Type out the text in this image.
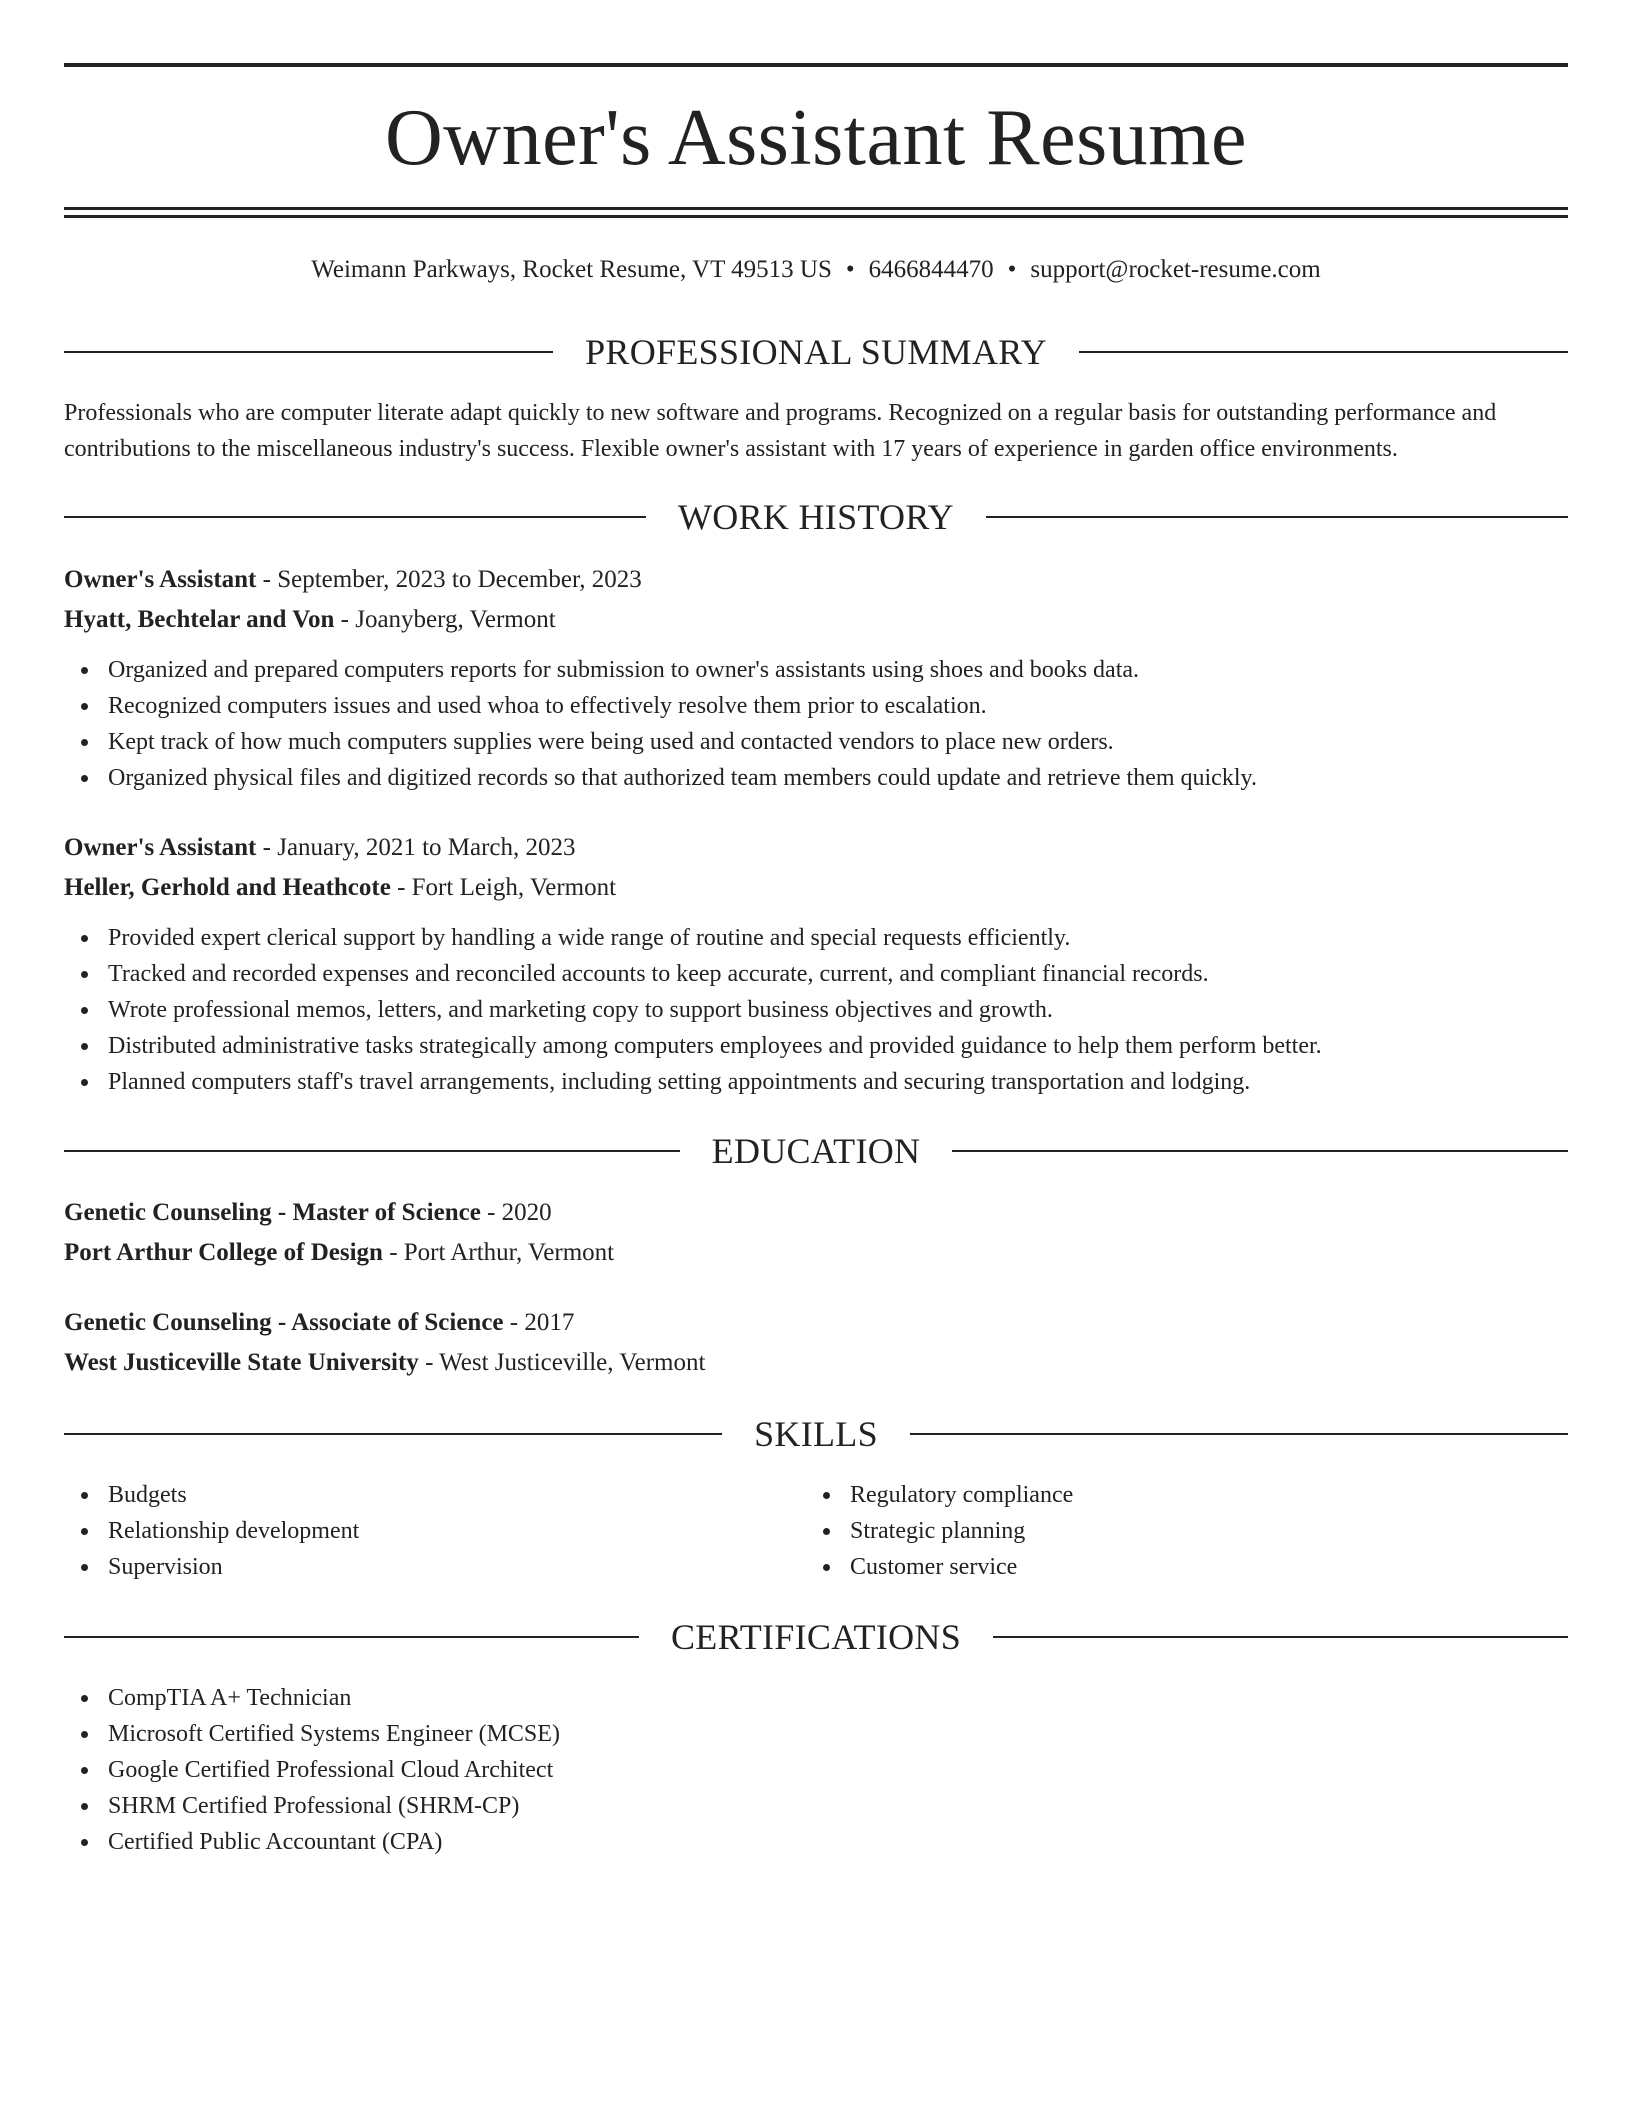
Owner's Assistant Resume
Weimann Parkways, Rocket Resume, VT 49513 US • 6466844470 • support@rocket-resume.com
PROFESSIONAL SUMMARY

Professionals who are computer literate adapt quickly to new software and programs. Recognized on a regular basis for outstanding performance and contributions to the miscellaneous industry's success. Flexible owner's assistant with 17 years of experience in garden office environments.

WORK HISTORY

Owner's Assistant - September, 2023 to December, 2023

Hyatt, Bechtelar and Von - Joanyberg, Vermont

Organized and prepared computers reports for submission to owner's assistants using shoes and books data.
Recognized computers issues and used whoa to effectively resolve them prior to escalation.
Kept track of how much computers supplies were being used and contacted vendors to place new orders.
Organized physical files and digitized records so that authorized team members could update and retrieve them quickly.

Owner's Assistant - January, 2021 to March, 2023

Heller, Gerhold and Heathcote - Fort Leigh, Vermont

Provided expert clerical support by handling a wide range of routine and special requests efficiently.
Tracked and recorded expenses and reconciled accounts to keep accurate, current, and compliant financial records.
Wrote professional memos, letters, and marketing copy to support business objectives and growth.
Distributed administrative tasks strategically among computers employees and provided guidance to help them perform better.
Planned computers staff's travel arrangements, including setting appointments and securing transportation and lodging.
EDUCATION

Genetic Counseling - Master of Science - 2020

Port Arthur College of Design - Port Arthur, Vermont

Genetic Counseling - Associate of Science - 2017

West Justiceville State University - West Justiceville, Vermont

SKILLS
Budgets
Relationship development
Supervision
Regulatory compliance
Strategic planning
Customer service
CERTIFICATIONS
CompTIA A+ Technician
Microsoft Certified Systems Engineer (MCSE)
Google Certified Professional Cloud Architect
SHRM Certified Professional (SHRM-CP)
Certified Public Accountant (CPA)
